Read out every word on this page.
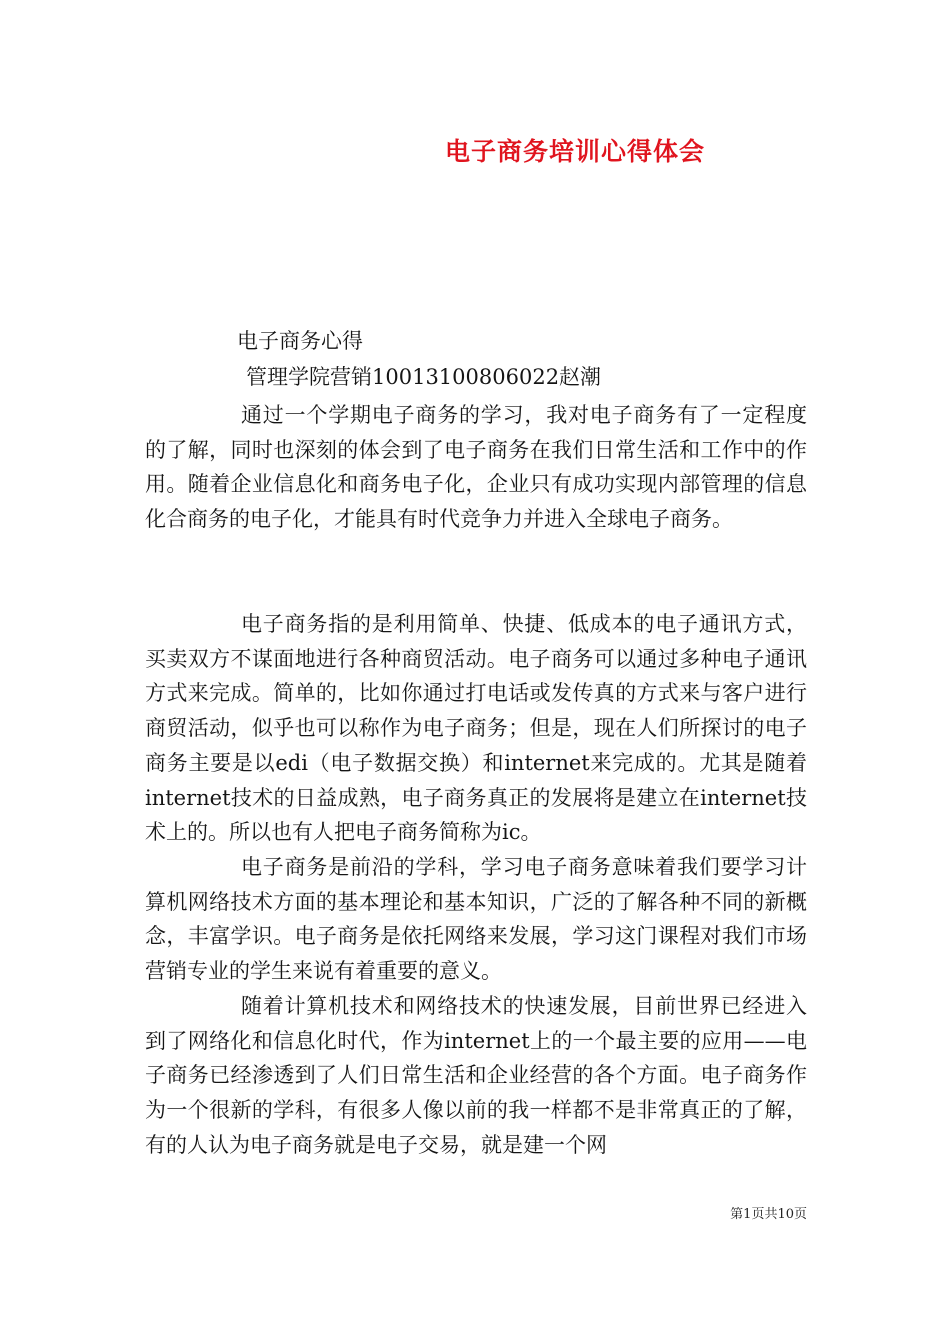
电子商务培训心得体会
电子商务心得
管理学院营销10013100806022赵潮

通过一个学期电子商务的学习，我对电子商务有了一定程度的了解，同时也深刻的体会到了电子商务在我们日常生活和工作中的作用。随着企业信息化和商务电子化，企业只有成功实现内部管理的信息化合商务的电子化，才能具有时代竞争力并进入全球电子商务。

电子商务指的是利用简单、快捷、低成本的电子通讯方式，买卖双方不谋面地进行各种商贸活动。电子商务可以通过多种电子通讯方式来完成。简单的，比如你通过打电话或发传真的方式来与客户进行商贸活动，似乎也可以称作为电子商务；但是，现在人们所探讨的电子商务主要是以edi（电子数据交换）和internet来完成的。尤其是随着internet技术的日益成熟，电子商务真正的发展将是建立在internet技术上的。所以也有人把电子商务简称为ic。

电子商务是前沿的学科，学习电子商务意味着我们要学习计算机网络技术方面的基本理论和基本知识，广泛的了解各种不同的新概念，丰富学识。电子商务是依托网络来发展，学习这门课程对我们市场营销专业的学生来说有着重要的意义。

随着计算机技术和网络技术的快速发展，目前世界已经进入到了网络化和信息化时代，作为internet上的一个最主要的应用——电子商务已经渗透到了人们日常生活和企业经营的各个方面。电子商务作为一个很新的学科，有很多人像以前的我一样都不是非常真正的了解，有的人认为电子商务就是电子交易，就是建一个网

第1页共10页
